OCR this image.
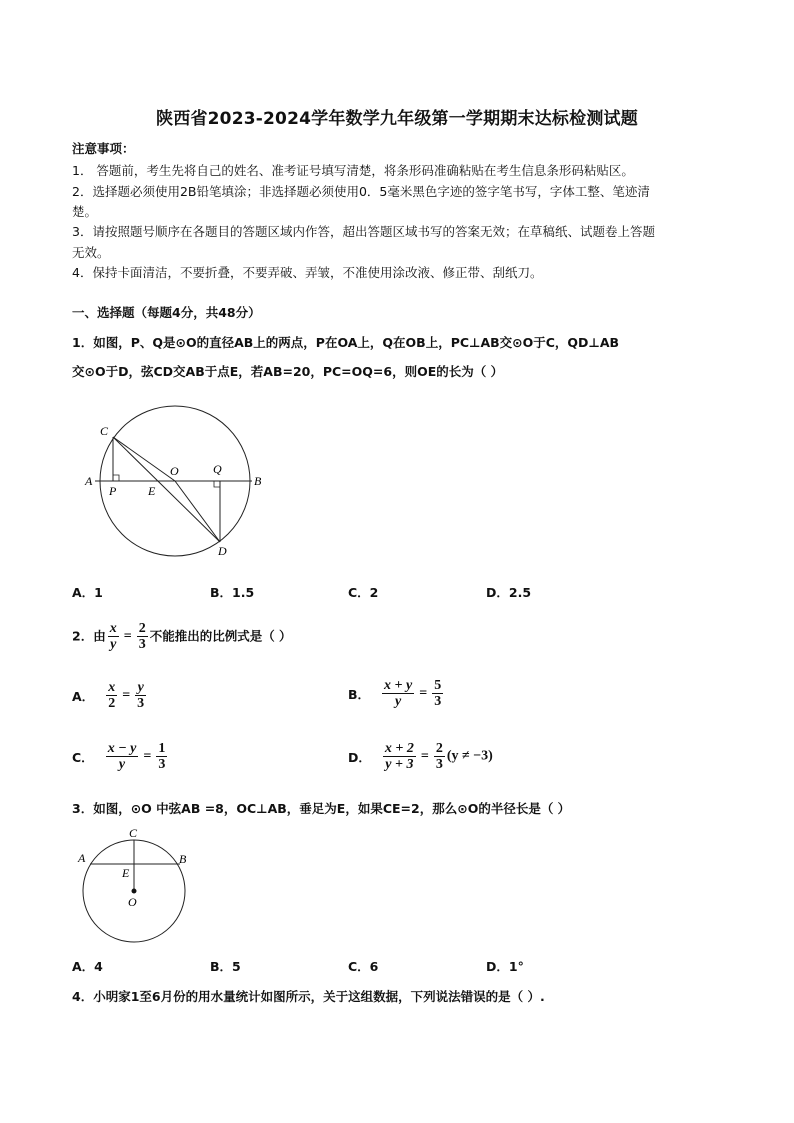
陕西省2023-2024学年数学九年级第一学期期末达标检测试题
注意事项：
1． 答题前，考生先将自己的姓名、准考证号填写清楚，将条形码准确粘贴在考生信息条形码粘贴区。
2．选择题必须使用2B铅笔填涂；非选择题必须使用0．5毫米黑色字迹的签字笔书写，字体工整、笔迹清
楚。
3．请按照题号顺序在各题目的答题区域内作答，超出答题区域书写的答案无效；在草稿纸、试题卷上答题
无效。
4．保持卡面清洁，不要折叠，不要弄破、弄皱，不准使用涂改液、修正带、刮纸刀。
一、选择题（每题4分，共48分）
1．如图，P、Q是⊙O的直径AB上的两点，P在OA上，Q在OB上，PC⊥AB交⊙O于C，QD⊥AB
交⊙O于D，弦CD交AB于点E，若AB=20，PC=OQ=6，则OE的长为（ ）
C
O	Q
A
P	E
B
D
A．1	B．1.5	C．2	D．2.5
2．由 $\frac{x}{y} = \frac{2}{3}$ 不能推出的比例式是（ ）
A． $\frac{x}{2} = \frac{y}{3}$	B． $\frac{x + y}{y} = \frac{5}{3}$
C． $\frac{x - y}{y} = \frac{1}{3}$	D． $\frac{x + 2}{y + 3} = \frac{2}{3} (y \ne -3)$
3．如图，⊙O 中弦AB =8，OC⊥AB，垂足为E，如果CE=2，那么⊙O的半径长是（ ）
C
A	B
E
O
A．4	B．5	C．6	D．1°
4．小明家1至6月份的用水量统计如图所示，关于这组数据，下列说法错误的是（ ）.
